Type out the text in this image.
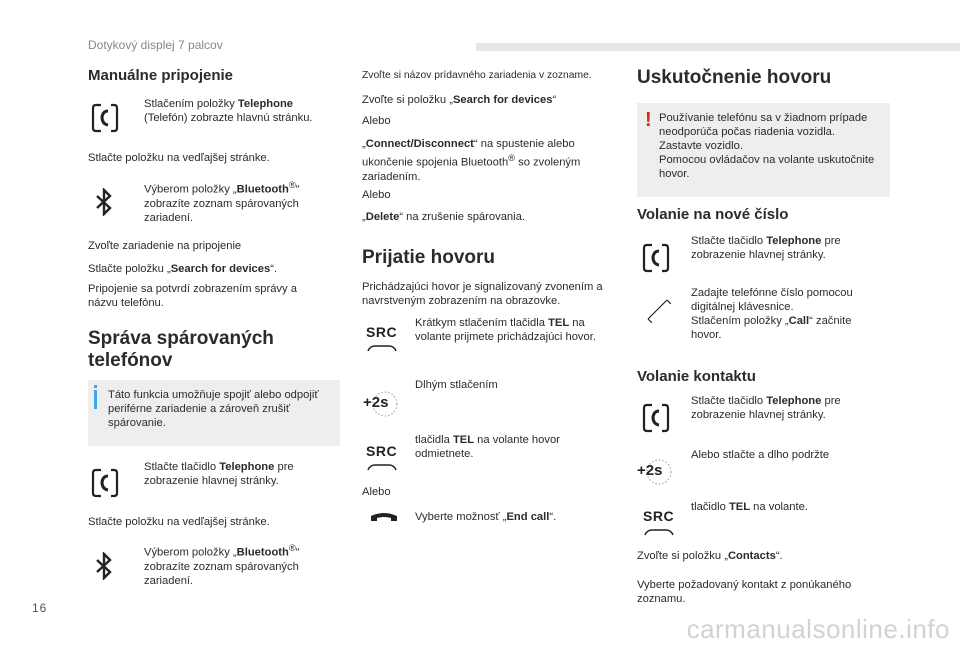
Dotykový displej 7 palcov
Manuálne pripojenie

Stlačením položky Telephone (Telefón) zobrazte hlavnú stránku.

Stlačte položku na vedľajšej stránke.

Výberom položky „Bluetooth®“ zobrazíte zoznam spárovaných zariadení.

Zvoľte zariadenie na pripojenie

Stlačte položku „Search for devices“.

Pripojenie sa potvrdí zobrazením správy a názvu telefónu.

Správa spárovaných telefónov

Táto funkcia umožňuje spojiť alebo odpojiť periférne zariadenie a zároveň zrušiť spárovanie.

Stlačte tlačidlo Telephone pre zobrazenie hlavnej stránky.

Stlačte položku na vedľajšej stránke.

Výberom položky „Bluetooth®“ zobrazíte zoznam spárovaných zariadení.

Zvoľte si názov prídavného zariadenia v zozname.

Zvoľte si položku „Search for devices“

Alebo

„Connect/Disconnect“ na spustenie alebo ukončenie spojenia Bluetooth® so zvoleným zariadením.

Alebo

„Delete“ na zrušenie spárovania.

Prijatie hovoru

Prichádzajúci hovor je signalizovaný zvonením a navrstveným zobrazením na obrazovke.

SRC

Krátkym stlačením tlačidla TEL na volante prijmete prichádzajúci hovor.

+2s

Dlhým stlačením

SRC

tlačidla TEL na volante hovor odmietnete.

Alebo

Vyberte možnosť „End call“.

Uskutočnenie hovoru
! Používanie telefónu sa v žiadnom prípade neodporúča počas riadenia vozidla.
Zastavte vozidlo.
Pomocou ovládačov na volante uskutočnite hovor.

Volanie na nové číslo

Stlačte tlačidlo Telephone pre zobrazenie hlavnej stránky.

Zadajte telefónne číslo pomocou digitálnej klávesnice.
Stlačením položky „Call“ začnite hovor.

Volanie kontaktu

Stlačte tlačidlo Telephone pre zobrazenie hlavnej stránky.

+2s

Alebo stlačte a dlho podržte

SRC

tlačidlo TEL na volante.

Zvoľte si položku „Contacts“.

Vyberte požadovaný kontakt z ponúkaného zoznamu.

16
carmanualsonline.info
